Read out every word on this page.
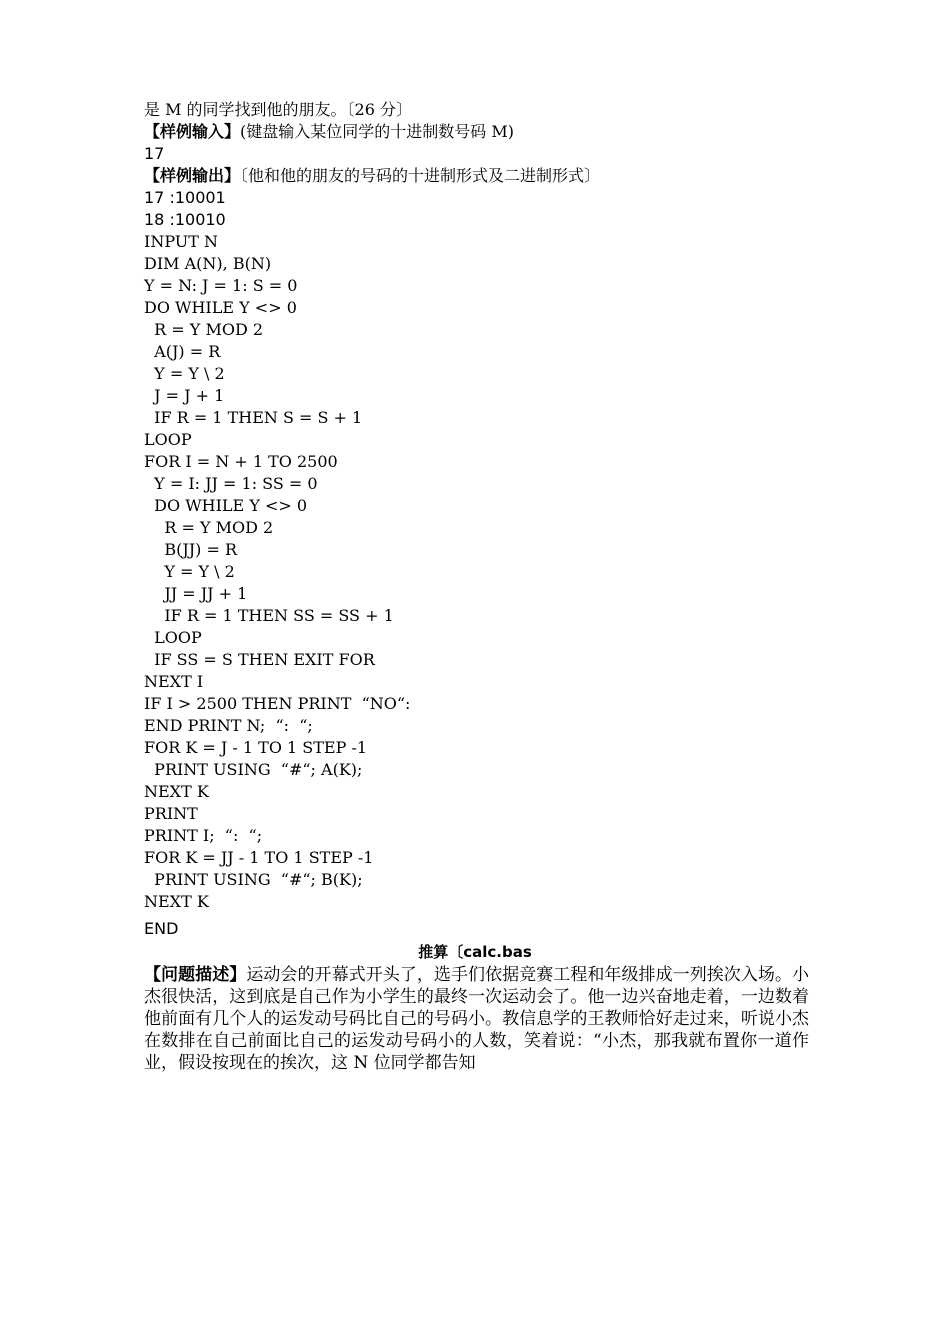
是 M 的同学找到他的朋友。〔26 分〕
【样例输入】(键盘输入某位同学的十进制数号码 M)
17
【样例输出】〔他和他的朋友的号码的十进制形式及二进制形式〕
17 :10001
18 :10010
INPUT N
DIM A(N), B(N)
Y = N: J = 1: S = 0
DO WHILE Y <> 0
R = Y MOD 2
A(J) = R
Y = Y \ 2
J = J + 1
IF R = 1 THEN S = S + 1
LOOP
FOR I = N + 1 TO 2500
Y = I: JJ = 1: SS = 0
DO WHILE Y <> 0
R = Y MOD 2
B(JJ) = R
Y = Y \ 2
JJ = JJ + 1
IF R = 1 THEN SS = SS + 1
LOOP
IF SS = S THEN EXIT FOR
NEXT I
IF I > 2500 THEN PRINT  “NO“:
END PRINT N;  “:  “;
FOR K = J - 1 TO 1 STEP -1
PRINT USING  “#“; A(K);
NEXT K
PRINT
PRINT I;  “:  “;
FOR K = JJ - 1 TO 1 STEP -1
PRINT USING  “#“; B(K);
NEXT K
END
推算〔calc.bas
【问题描述】运动会的开幕式开头了，选手们依据竞赛工程和年级排成一列挨次入场。小杰很快活，这到底是自己作为小学生的最终一次运动会了。他一边兴奋地走着，一边数着他前面有几个人的运发动号码比自己的号码小。教信息学的王教师恰好走过来，听说小杰在数排在自己前面比自己的运发动号码小的人数，笑着说：“小杰，那我就布置你一道作业，假设按现在的挨次，这 N 位同学都告知
